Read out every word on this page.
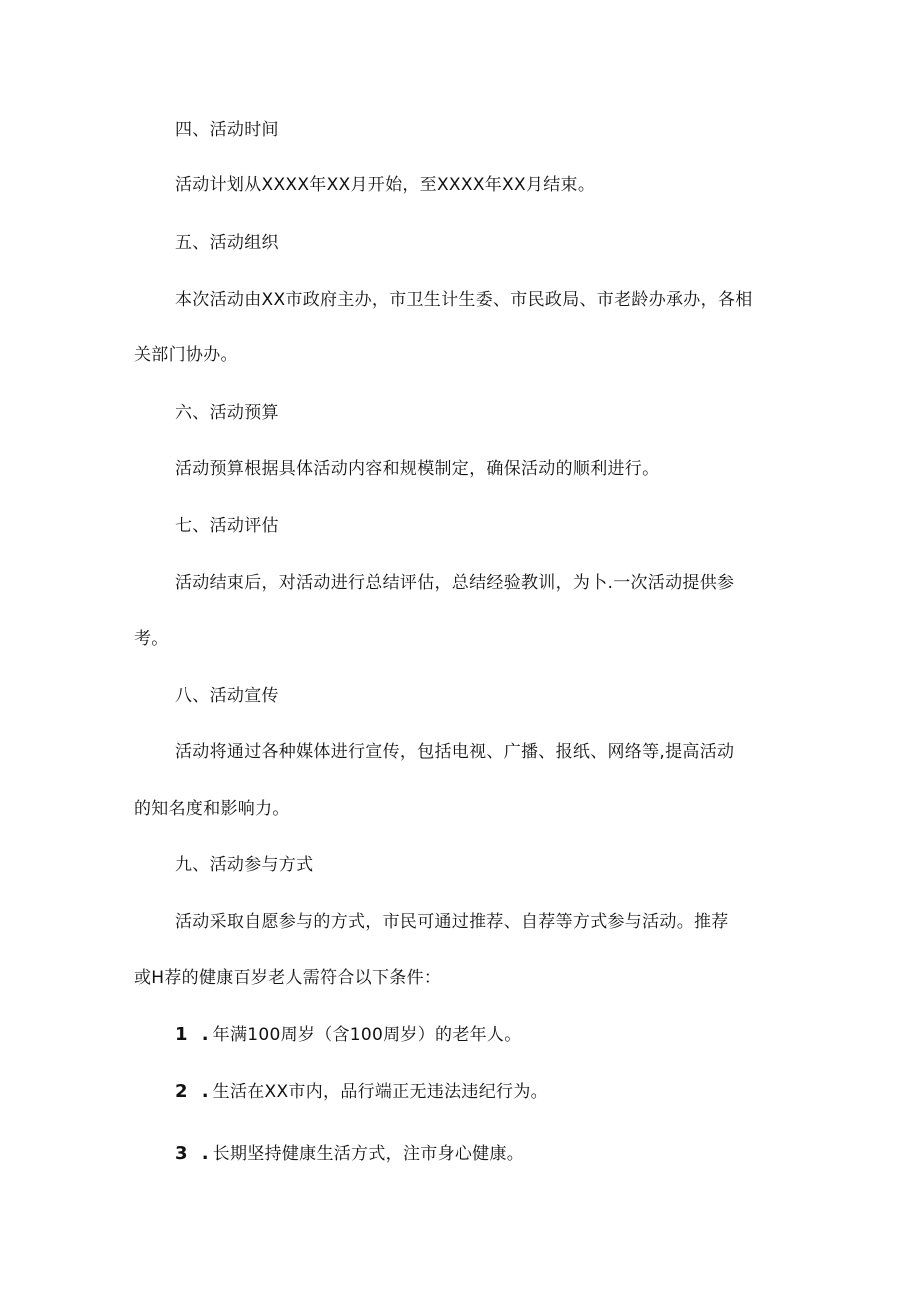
四、活动时间

活动计划从XXXX年XX月开始，至XXXX年XX月结束。

五、活动组织

本次活动由XX市政府主办，市卫生计生委、市民政局、市老龄办承办，各相

关部门协办。

六、活动预算

活动预算根据具体活动内容和规模制定，确保活动的顺利进行。

七、活动评估

活动结束后，对活动进行总结评估，总结经验教训，为卜.一次活动提供参

考。

八、活动宣传

活动将通过各种媒体进行宣传，包括电视、广播、报纸、网络等,提高活动

的知名度和影响力。

九、活动参与方式

活动采取自愿参与的方式，市民可通过推荐、自荐等方式参与活动。推荐

或H荐的健康百岁老人需符合以下条件：

1 .年满100周岁（含100周岁）的老年人。

2 .生活在XX市内，品行端正无违法违纪行为。

3 .长期坚持健康生活方式，注市身心健康。
